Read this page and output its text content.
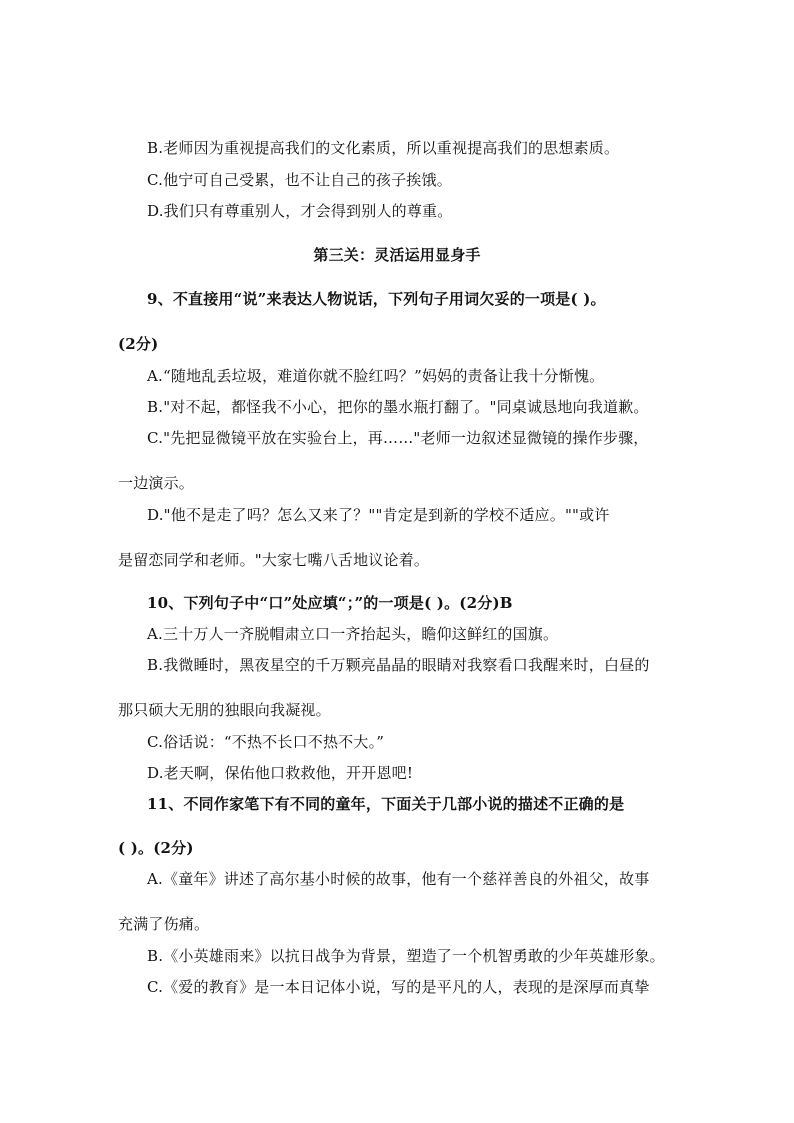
B.老师因为重视提高我们的文化素质，所以重视提高我们的思想素质。
C.他宁可自己受累，也不让自己的孩子挨饿。
D.我们只有尊重别人，才会得到别人的尊重。
第三关：灵活运用显身手
9、不直接用“说”来表达人物说话，下列句子用词欠妥的一项是( )。
(2分)
A.“随地乱丢垃圾，难道你就不脸红吗？”妈妈的责备让我十分惭愧。
B."对不起，都怪我不小心，把你的墨水瓶打翻了。"同桌诚恳地向我道歉。
C."先把显微镜平放在实验台上，再……"老师一边叙述显微镜的操作步骤，
一边演示。
D."他不是走了吗？怎么又来了？""肯定是到新的学校不适应。""或许
是留恋同学和老师。"大家七嘴八舌地议论着。
10、下列句子中“口”处应填“；”的一项是( )。(2分)B
A.三十万人一齐脱帽肃立口一齐抬起头，瞻仰这鲜红的国旗。
B.我微睡时，黑夜星空的千万颗亮晶晶的眼睛对我察看口我醒来时，白昼的
那只硕大无朋的独眼向我凝视。
C.俗话说：“不热不长口不热不大。”
D.老天啊，保佑他口救救他，开开恩吧!
11、不同作家笔下有不同的童年，下面关于几部小说的描述不正确的是
( )。(2分)
A.《童年》讲述了高尔基小时候的故事，他有一个慈祥善良的外祖父，故事
充满了伤痛。
B.《小英雄雨来》以抗日战争为背景，塑造了一个机智勇敢的少年英雄形象。
C.《爱的教育》是一本日记体小说，写的是平凡的人，表现的是深厚而真挚
